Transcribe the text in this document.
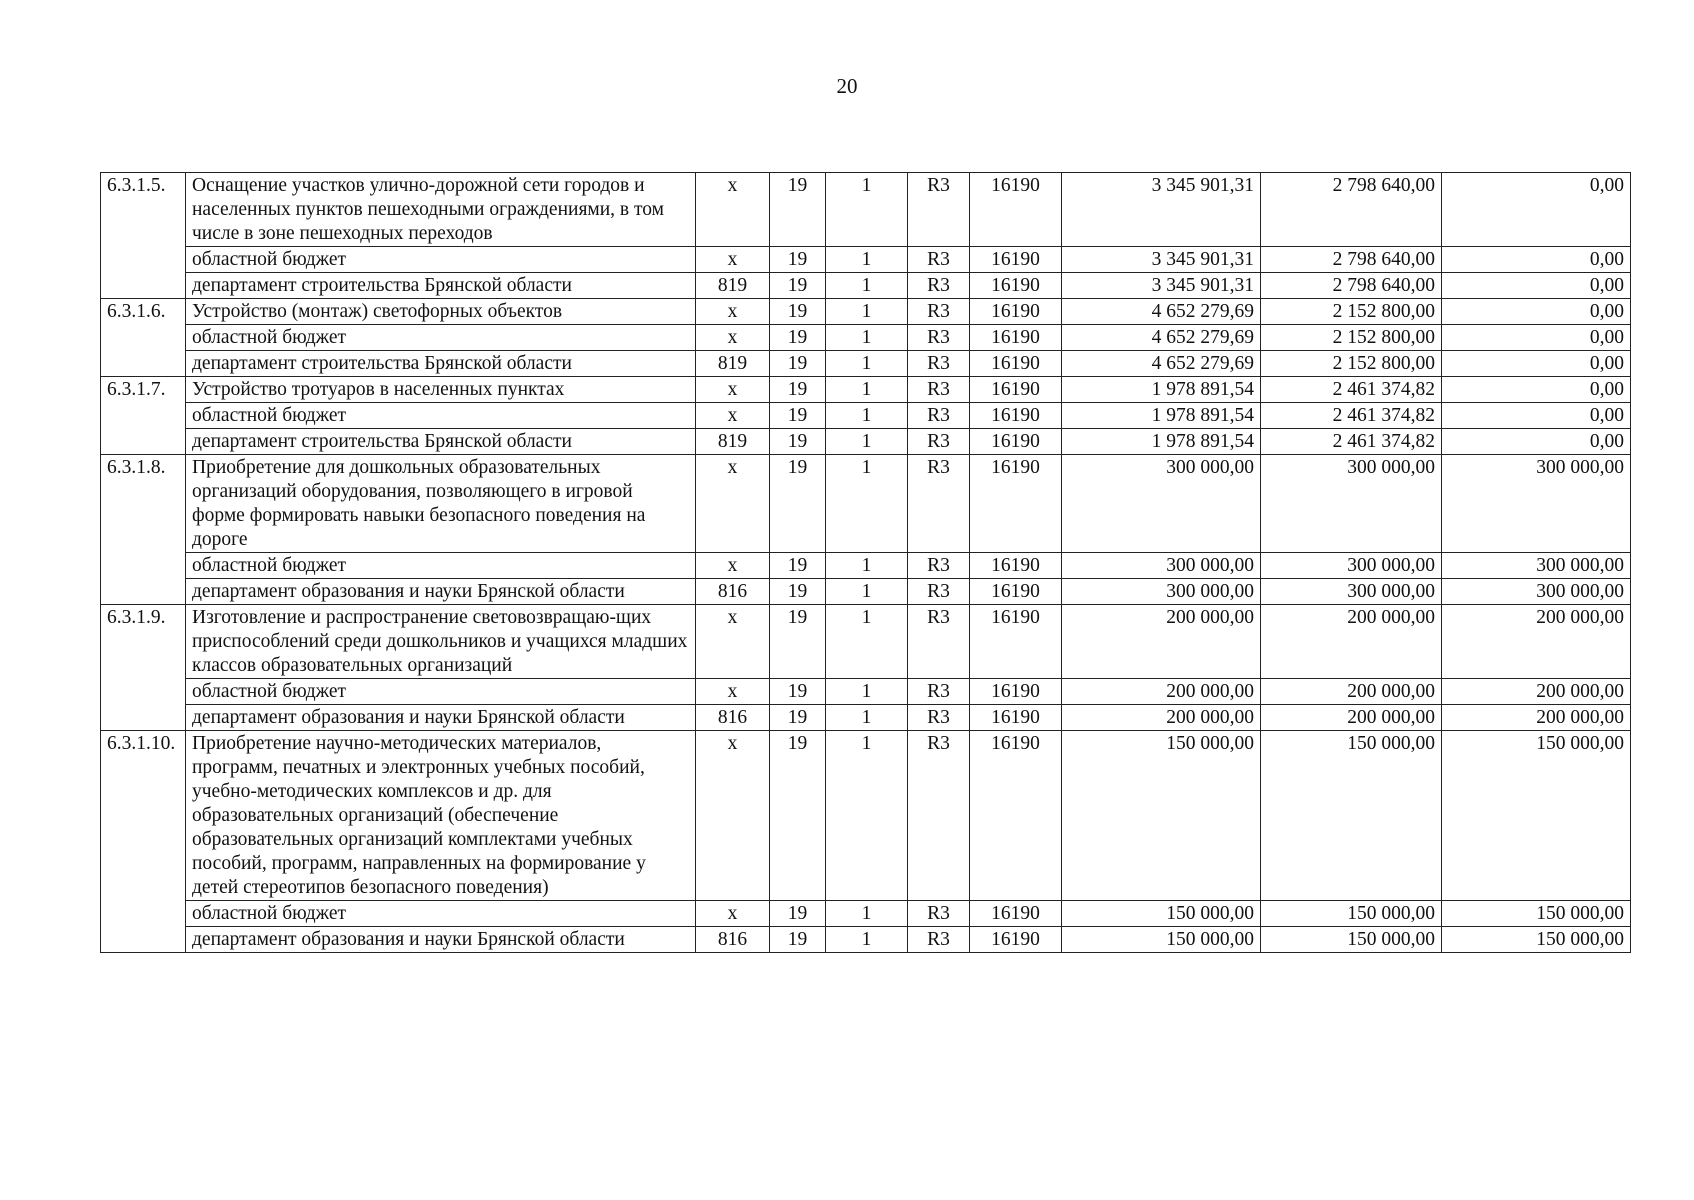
20
6.3.1.5.	Оснащение участков улично-дорожной сети городов и населенных пунктов пешеходными ограждениями, в том числе в зоне пешеходных переходов	х	19	1	R3	16190	3 345 901,31	2 798 640,00	0,00
	областной бюджет	х	19	1	R3	16190	3 345 901,31	2 798 640,00	0,00
	департамент строительства Брянской области	819	19	1	R3	16190	3 345 901,31	2 798 640,00	0,00
6.3.1.6.	Устройство (монтаж) светофорных объектов	х	19	1	R3	16190	4 652 279,69	2 152 800,00	0,00
	областной бюджет	х	19	1	R3	16190	4 652 279,69	2 152 800,00	0,00
	департамент строительства Брянской области	819	19	1	R3	16190	4 652 279,69	2 152 800,00	0,00
6.3.1.7.	Устройство тротуаров в населенных пунктах	х	19	1	R3	16190	1 978 891,54	2 461 374,82	0,00
	областной бюджет	х	19	1	R3	16190	1 978 891,54	2 461 374,82	0,00
	департамент строительства Брянской области	819	19	1	R3	16190	1 978 891,54	2 461 374,82	0,00
6.3.1.8.	Приобретение для дошкольных образовательных организаций оборудования, позволяющего в игровой форме формировать навыки безопасного поведения на дороге	х	19	1	R3	16190	300 000,00	300 000,00	300 000,00
	областной бюджет	х	19	1	R3	16190	300 000,00	300 000,00	300 000,00
	департамент образования и науки Брянской области	816	19	1	R3	16190	300 000,00	300 000,00	300 000,00
6.3.1.9.	Изготовление и распространение световозвращаю-щих приспособлений среди дошкольников и учащихся младших классов образовательных организаций	х	19	1	R3	16190	200 000,00	200 000,00	200 000,00
	областной бюджет	х	19	1	R3	16190	200 000,00	200 000,00	200 000,00
	департамент образования и науки Брянской области	816	19	1	R3	16190	200 000,00	200 000,00	200 000,00
6.3.1.10.	Приобретение научно-методических материалов, программ, печатных и электронных учебных пособий, учебно-методических комплексов и др. для образовательных организаций (обеспечение образовательных организаций комплектами учебных пособий, программ, направленных на формирование у детей стереотипов безопасного поведения)	х	19	1	R3	16190	150 000,00	150 000,00	150 000,00
	областной бюджет	х	19	1	R3	16190	150 000,00	150 000,00	150 000,00
	департамент образования и науки Брянской области	816	19	1	R3	16190	150 000,00	150 000,00	150 000,00
